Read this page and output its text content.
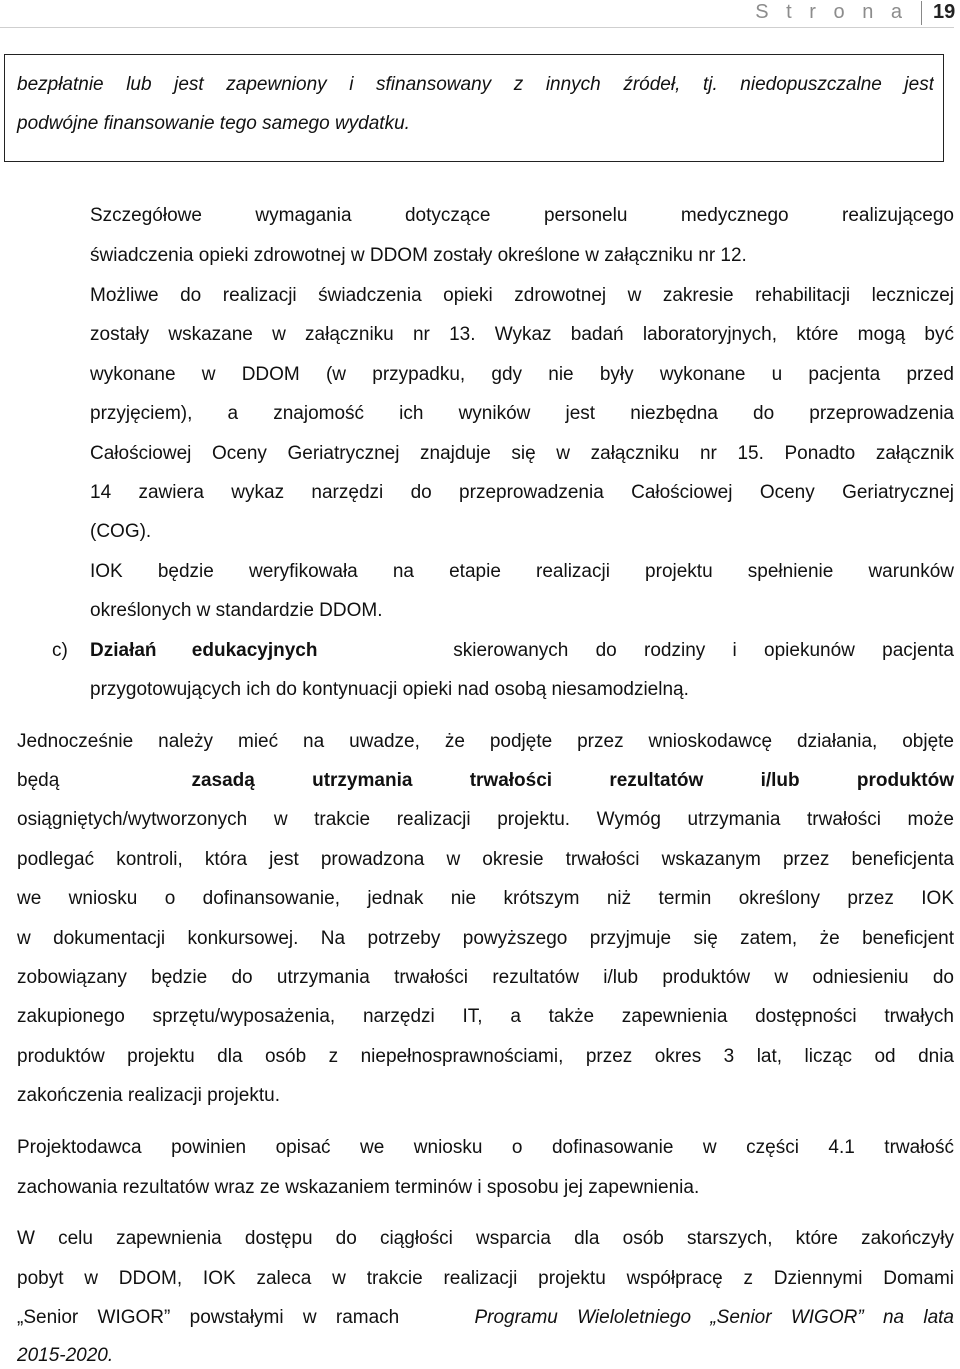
S t r o n a 19
bezpłatnie lub jest zapewniony i sfinansowany z innych źródeł, tj. niedopuszczalne jest
podwójne finansowanie tego samego wydatku.
Szczegółowe wymagania dotyczące personelu medycznego realizującego
świadczenia opieki zdrowotnej w DDOM zostały określone w załączniku nr 12.
Możliwe do realizacji świadczenia opieki zdrowotnej w zakresie rehabilitacji leczniczej
zostały wskazane w załączniku nr 13. Wykaz badań laboratoryjnych, które mogą być
wykonane w DDOM (w przypadku, gdy nie były wykonane u pacjenta przed
przyjęciem), a znajomość ich wyników jest niezbędna do przeprowadzenia
Całościowej Oceny Geriatrycznej znajduje się w załączniku nr 15. Ponadto załącznik
14 zawiera wykaz narzędzi do przeprowadzenia Całościowej Oceny Geriatrycznej
(COG).
IOK będzie weryfikowała na etapie realizacji projektu spełnienie warunków
określonych w standardzie DDOM.
c) Działań edukacyjnych	skierowanych do rodziny i opiekunów pacjenta
przygotowujących ich do kontynuacji opieki nad osobą niesamodzielną.
Jednocześnie należy mieć na uwadze, że podjęte przez wnioskodawcę działania, objęte
będą	zasadą utrzymania trwałości rezultatów i/lub produktów
osiągniętych/wytworzonych w trakcie realizacji projektu. Wymóg utrzymania trwałości może
podlegać kontroli, która jest prowadzona w okresie trwałości wskazanym przez beneficjenta
we wniosku o dofinansowanie, jednak nie krótszym niż termin określony przez IOK
w dokumentacji konkursowej. Na potrzeby powyższego przyjmuje się zatem, że beneficjent
zobowiązany będzie do utrzymania trwałości rezultatów i/lub produktów w odniesieniu do
zakupionego sprzętu/wyposażenia, narzędzi IT, a także zapewnienia dostępności trwałych
produktów projektu dla osób z niepełnosprawnościami, przez okres 3 lat, licząc od dnia
zakończenia realizacji projektu.
Projektodawca powinien opisać we wniosku o dofinasowanie w części 4.1 trwałość
zachowania rezultatów wraz ze wskazaniem terminów i sposobu jej zapewnienia.
W celu zapewnienia dostępu do ciągłości wsparcia dla osób starszych, które zakończyły
pobyt w DDOM, IOK zaleca w trakcie realizacji projektu współpracę z Dziennymi Domami
„Senior WIGOR” powstałymi w ramach	Programu Wieloletniego „Senior WIGOR” na lata
2015-2020.
